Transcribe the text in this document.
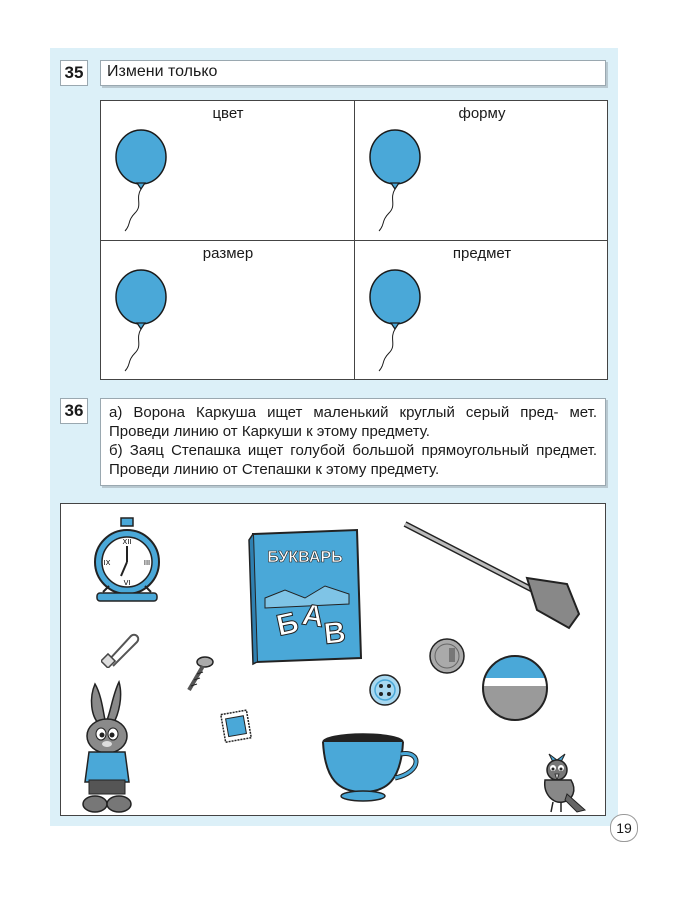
35	Измени только
цвет	форму
размер	предмет
36	а) Ворона Каркуша ищет маленький круглый серый пред- мет. Проведи линию от Каркуши к этому предмету.

б) Заяц Степашка ищет голубой большой прямоугольный предмет. Проведи линию от Степашки к этому предмету.

XII
III
VI
IX	БУКВАРЬ
Б
А
В
19
